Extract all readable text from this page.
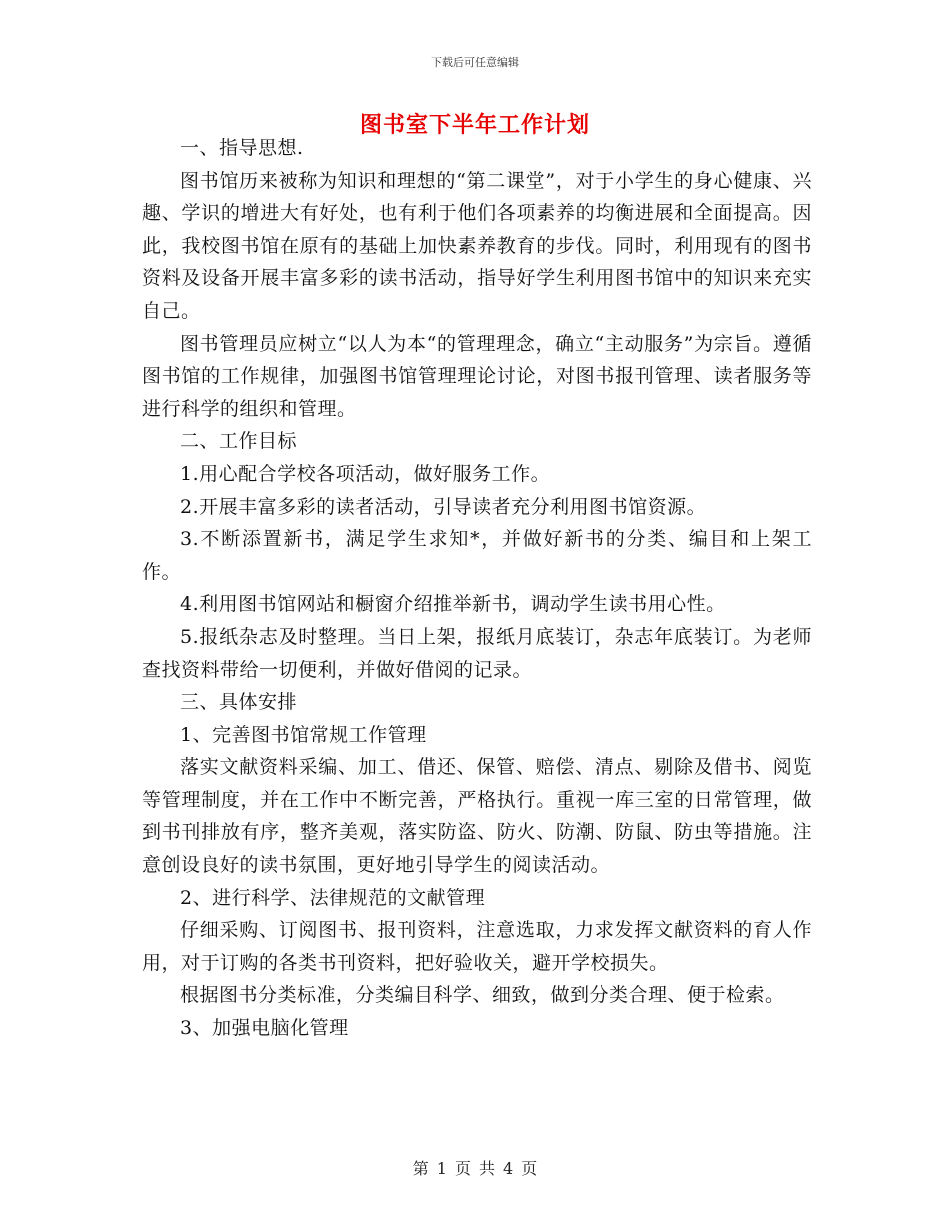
下载后可任意编辑
图书室下半年工作计划

一、指导思想.

图书馆历来被称为知识和理想的“第二课堂”，对于小学生的身心健康、兴趣、学识的增进大有好处，也有利于他们各项素养的均衡进展和全面提高。因此，我校图书馆在原有的基础上加快素养教育的步伐。同时，利用现有的图书资料及设备开展丰富多彩的读书活动，指导好学生利用图书馆中的知识来充实自己。

图书管理员应树立“以人为本“的管理理念，确立“主动服务”为宗旨。遵循图书馆的工作规律，加强图书馆管理理论讨论，对图书报刊管理、读者服务等进行科学的组织和管理。

二、工作目标

1.用心配合学校各项活动，做好服务工作。

2.开展丰富多彩的读者活动，引导读者充分利用图书馆资源。

3.不断添置新书，满足学生求知*，并做好新书的分类、编目和上架工作。

4.利用图书馆网站和橱窗介绍推举新书，调动学生读书用心性。

5.报纸杂志及时整理。当日上架，报纸月底装订，杂志年底装订。为老师查找资料带给一切便利，并做好借阅的记录。

三、具体安排

1、完善图书馆常规工作管理

落实文献资料采编、加工、借还、保管、赔偿、清点、剔除及借书、阅览等管理制度，并在工作中不断完善，严格执行。重视一库三室的日常管理，做到书刊排放有序，整齐美观，落实防盗、防火、防潮、防鼠、防虫等措施。注意创设良好的读书氛围，更好地引导学生的阅读活动。

2、进行科学、法律规范的文献管理

仔细采购、订阅图书、报刊资料，注意选取，力求发挥文献资料的育人作用，对于订购的各类书刊资料，把好验收关，避开学校损失。

根据图书分类标准，分类编目科学、细致，做到分类合理、便于检索。

3、加强电脑化管理

第 1 页 共 4 页
